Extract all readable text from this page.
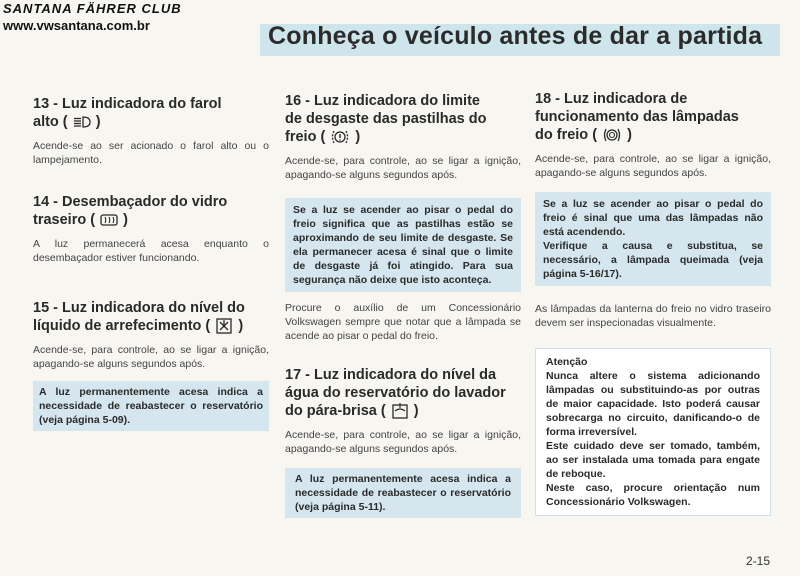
SANTANA FÄHRER CLUB
www.vwsantana.com.br	Conheça o veículo antes de dar a partida
13 - Luz indicadora do farol
alto ( )

Acende-se ao ser acionado o farol alto ou o lampejamento.

14 - Desembaçador do vidro
traseiro ( )

A luz permanecerá acesa enquanto o desembaçador estiver funcionando.

15 - Luz indicadora do nível do
líquido de arrefecimento ( )

Acende-se, para controle, ao se ligar a ignição, apagando-se alguns segundos após.

A luz permanentemente acesa indica a necessidade de reabastecer o reservatório (veja página 5-09).
16 - Luz indicadora do limite
de desgaste das pastilhas do
freio ( )

Acende-se, para controle, ao se ligar a ignição, apagando-se alguns segundos após.

Se a luz se acender ao pisar o pedal do freio significa que as pastilhas estão se aproximando de seu limite de desgaste. Se ela permanecer acesa é sinal que o limite de desgaste já foi atingido. Para sua segurança não deixe que isto aconteça.

Procure o auxílio de um Concessionário Volkswagen sempre que notar que a lâmpada se acende ao pisar o pedal do freio.

17 - Luz indicadora do nível da
água do reservatório do lavador
do pára-brisa ( )

Acende-se, para controle, ao se ligar a ignição, apagando-se alguns segundos após.

A luz permanentemente acesa indica a necessidade de reabastecer o reservatório (veja página 5-11).
18 - Luz indicadora de
funcionamento das lâmpadas
do freio ( )

Acende-se, para controle, ao se ligar a ignição, apagando-se alguns segundos após.

Se a luz se acender ao pisar o pedal do freio é sinal que uma das lâmpadas não está acendendo.
Verifique a causa e substitua, se necessário, a lâmpada queimada (veja página 5-16/17).

As lâmpadas da lanterna do freio no vidro traseiro devem ser inspecionadas visualmente.

Atenção
Nunca altere o sistema adicionando lâmpadas ou substituindo-as por outras de maior capacidade. Isto poderá causar sobrecarga no circuito, danificando-o de forma irreversível.
Este cuidado deve ser tomado, também, ao ser instalada uma tomada para engate de reboque.
Neste caso, procure orientação num Concessionário Volkswagen.
2-15
